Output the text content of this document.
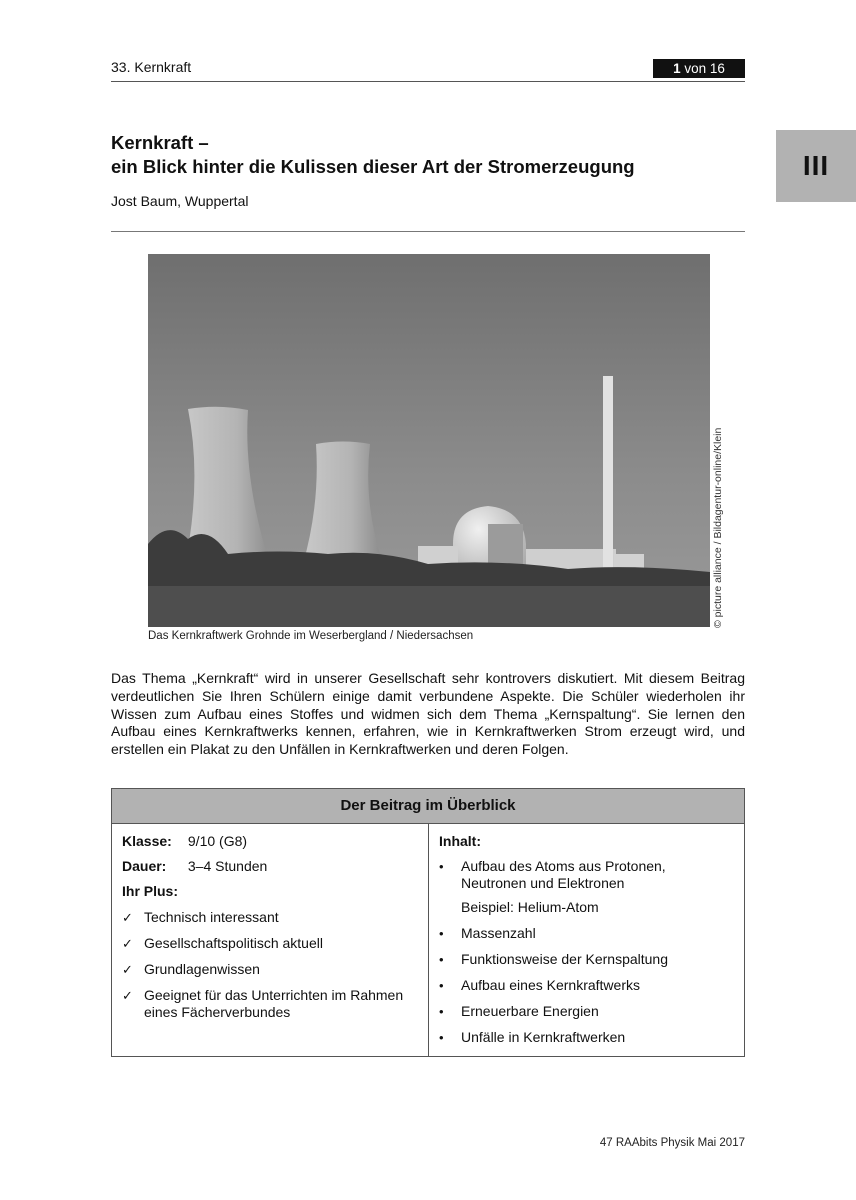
33. Kernkraft	1 von 16
III
Kernkraft –
ein Blick hinter die Kulissen dieser Art der Stromerzeugung
Jost Baum, Wuppertal
© picture alliance / Bildagentur-online/Klein
Das Kernkraftwerk Grohnde im Weserbergland / Niedersachsen

Das Thema „Kernkraft“ wird in unserer Gesellschaft sehr kontrovers diskutiert. Mit diesem Beitrag verdeutlichen Sie Ihren Schülern einige damit verbundene Aspekte. Die Schüler wiederholen ihr Wissen zum Aufbau eines Stoffes und widmen sich dem Thema „Kernspaltung“. Sie lernen den Aufbau eines Kernkraftwerks kennen, erfahren, wie in Kernkraftwerken Strom erzeugt wird, und erstellen ein Plakat zu den Unfällen in Kernkraftwerken und deren Folgen.

Der Beitrag im Überblick
Klasse: 9/10 (G8)
Dauer: 3–4 Stunden
Ihr Plus:
✓ Technisch interessant
✓ Gesellschaftspolitisch aktuell
✓ Grundlagenwissen
✓ Geeignet für das Unterrichten im Rahmen eines Fächerverbundes
Inhalt:
•	Aufbau des Atoms aus Protonen, Neutronen und Elektronen
Beispiel: Helium-Atom
•	Massenzahl
•	Funktionsweise der Kernspaltung
•	Aufbau eines Kernkraftwerks
•	Erneuerbare Energien
•	Unfälle in Kernkraftwerken
47 RAAbits Physik Mai 2017
